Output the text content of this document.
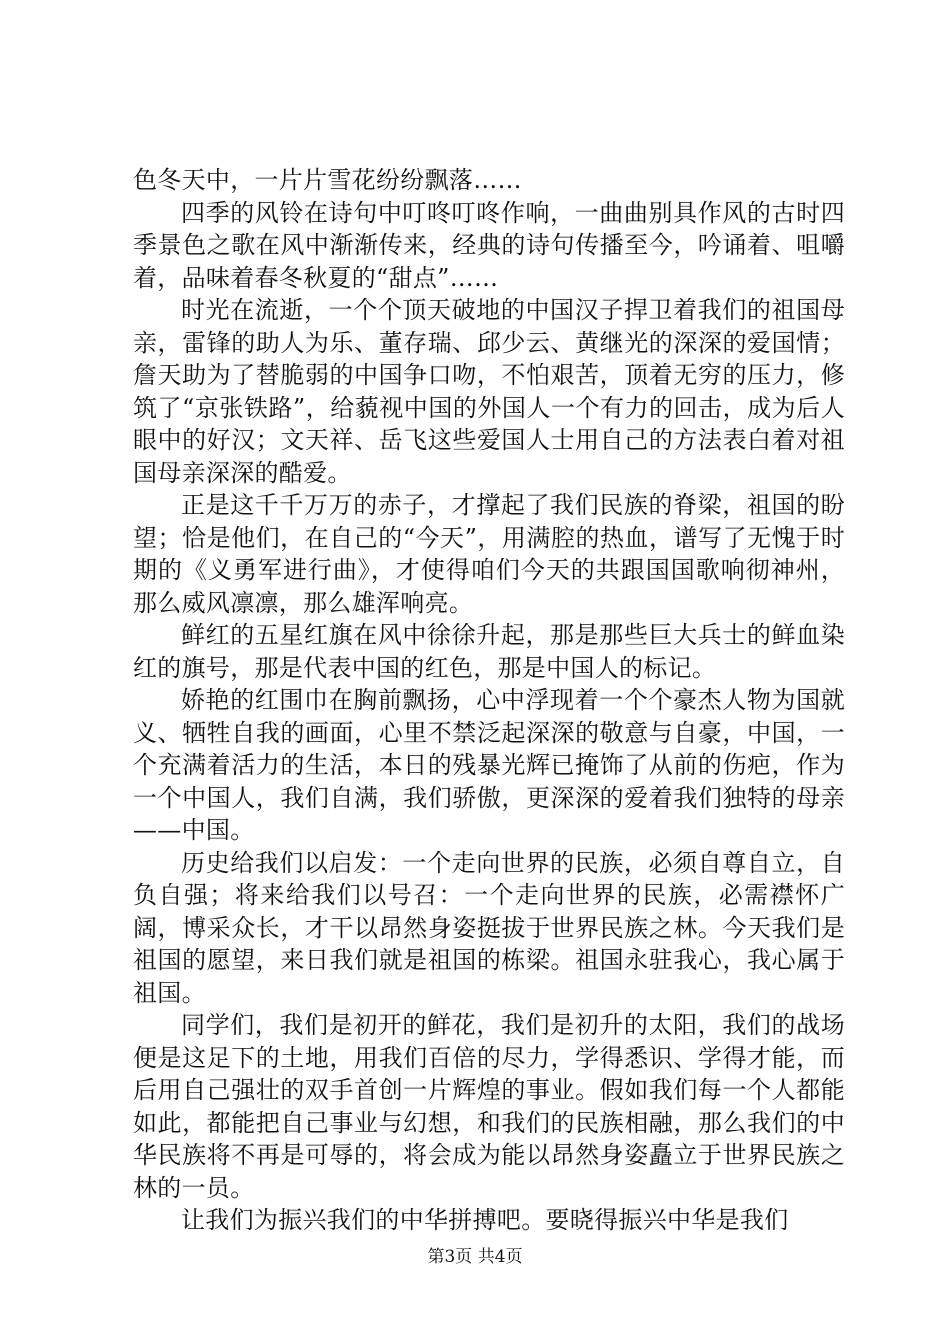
色冬天中，一片片雪花纷纷飘落……

四季的风铃在诗句中叮咚叮咚作响，一曲曲别具作风的古时四季景色之歌在风中渐渐传来，经典的诗句传播至今，吟诵着、咀嚼着，品味着春冬秋夏的“甜点”……

时光在流逝，一个个顶天破地的中国汉子捍卫着我们的祖国母亲，雷锋的助人为乐、董存瑞、邱少云、黄继光的深深的爱国情；詹天助为了替脆弱的中国争口吻，不怕艰苦，顶着无穷的压力，修筑了“京张铁路”，给藐视中国的外国人一个有力的回击，成为后人眼中的好汉；文天祥、岳飞这些爱国人士用自己的方法表白着对祖国母亲深深的酷爱。

正是这千千万万的赤子，才撑起了我们民族的脊梁，祖国的盼望；恰是他们，在自己的“今天”，用满腔的热血，谱写了无愧于时期的《义勇军进行曲》，才使得咱们今天的共跟国国歌响彻神州，那么威风凛凛，那么雄浑响亮。

鲜红的五星红旗在风中徐徐升起，那是那些巨大兵士的鲜血染红的旗号，那是代表中国的红色，那是中国人的标记。

娇艳的红围巾在胸前飘扬，心中浮现着一个个豪杰人物为国就义、牺牲自我的画面，心里不禁泛起深深的敬意与自豪，中国，一个充满着活力的生活，本日的残暴光辉已掩饰了从前的伤疤，作为一个中国人，我们自满，我们骄傲，更深深的爱着我们独特的母亲——中国。

历史给我们以启发：一个走向世界的民族，必须自尊自立，自负自强；将来给我们以号召：一个走向世界的民族，必需襟怀广阔，博采众长，才干以昂然身姿挺拔于世界民族之林。今天我们是祖国的愿望，来日我们就是祖国的栋梁。祖国永驻我心，我心属于祖国。

同学们，我们是初开的鲜花，我们是初升的太阳，我们的战场便是这足下的土地，用我们百倍的尽力，学得悉识、学得才能，而后用自己强壮的双手首创一片辉煌的事业。假如我们每一个人都能如此，都能把自己事业与幻想，和我们的民族相融，那么我们的中华民族将不再是可辱的，将会成为能以昂然身姿矗立于世界民族之林的一员。

让我们为振兴我们的中华拼搏吧。要晓得振兴中华是我们

第3页 共4页
